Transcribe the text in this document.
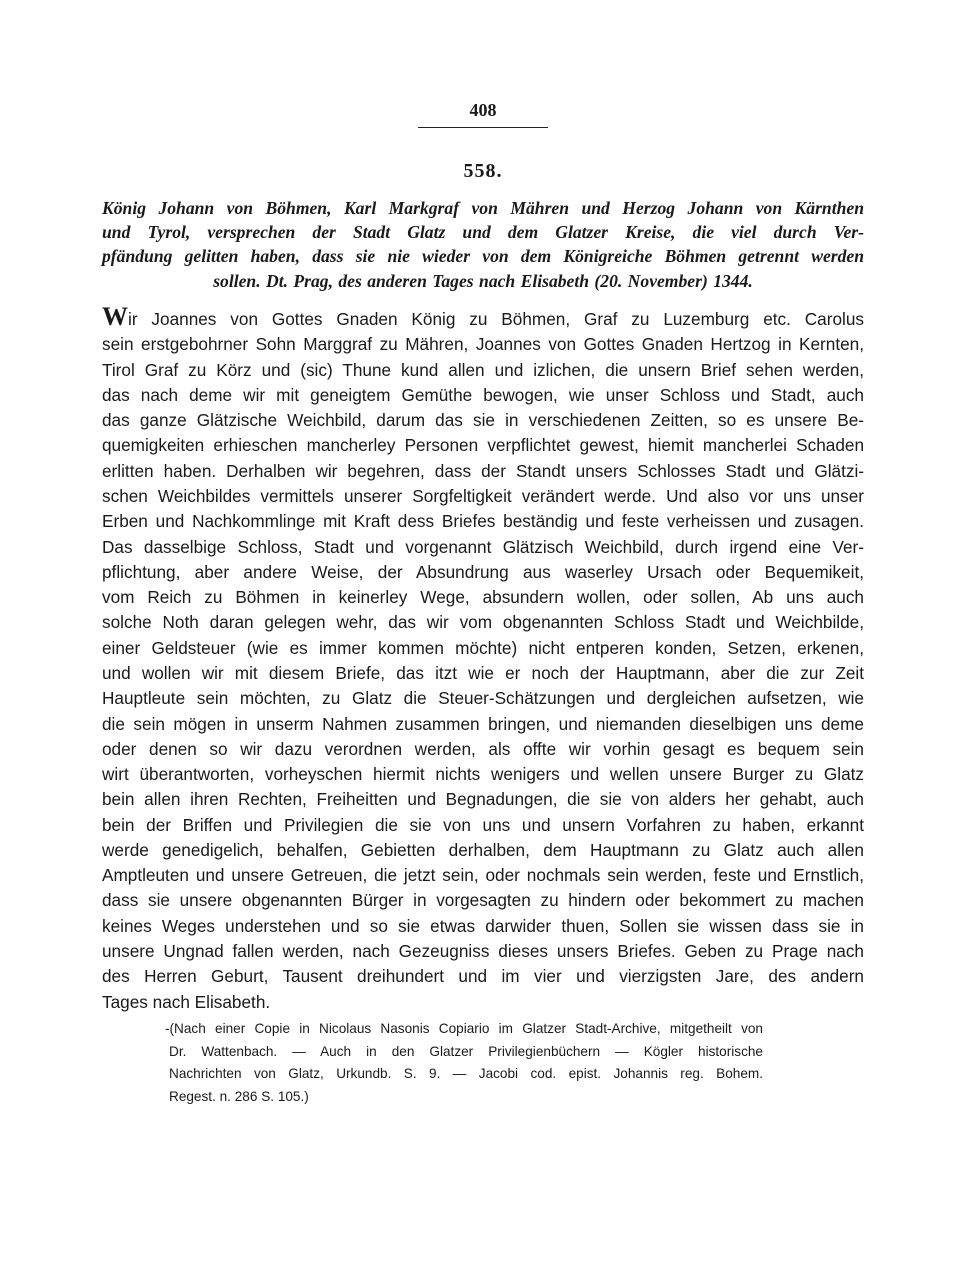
408
558.
König Johann von Böhmen, Karl Markgraf von Mähren und Herzog Johann von Kärnthen
und Tyrol, versprechen der Stadt Glatz und dem Glatzer Kreise, die viel durch Ver-
pfändung gelitten haben, dass sie nie wieder von dem Königreiche Böhmen getrennt werden
sollen. Dt. Prag, des anderen Tages nach Elisabeth (20. November) 1344.
Wir Joannes von Gottes Gnaden König zu Böhmen, Graf zu Luzemburg etc. Carolus
sein erstgebohrner Sohn Marggraf zu Mähren, Joannes von Gottes Gnaden Hertzog in Kernten,
Tirol Graf zu Körz und (sic) Thune kund allen und izlichen, die unsern Brief sehen werden,
das nach deme wir mit geneigtem Gemüthe bewogen, wie unser Schloss und Stadt, auch
das ganze Glätzische Weichbild, darum das sie in verschiedenen Zeitten, so es unsere Be-
quemigkeiten erhieschen mancherley Personen verpflichtet gewest, hiemit mancherlei Schaden
erlitten haben. Derhalben wir begehren, dass der Standt unsers Schlosses Stadt und Glätzi-
schen Weichbildes vermittels unserer Sorgfeltigkeit verändert werde. Und also vor uns unser
Erben und Nachkommlinge mit Kraft dess Briefes beständig und feste verheissen und zusagen.
Das dasselbige Schloss, Stadt und vorgenannt Glätzisch Weichbild, durch irgend eine Ver-
pflichtung, aber andere Weise, der Absundrung aus waserley Ursach oder Bequemikeit,
vom Reich zu Böhmen in keinerley Wege, absundern wollen, oder sollen, Ab uns auch
solche Noth daran gelegen wehr, das wir vom obgenannten Schloss Stadt und Weichbilde,
einer Geldsteuer (wie es immer kommen möchte) nicht entperen konden, Setzen, erkenen,
und wollen wir mit diesem Briefe, das itzt wie er noch der Hauptmann, aber die zur Zeit
Hauptleute sein möchten, zu Glatz die Steuer-Schätzungen und dergleichen aufsetzen, wie
die sein mögen in unserm Nahmen zusammen bringen, und niemanden dieselbigen uns deme
oder denen so wir dazu verordnen werden, als offte wir vorhin gesagt es bequem sein
wirt überantworten, vorheyschen hiermit nichts wenigers und wellen unsere Burger zu Glatz
bein allen ihren Rechten, Freiheitten und Begnadungen, die sie von alders her gehabt, auch
bein der Briffen und Privilegien die sie von uns und unsern Vorfahren zu haben, erkannt
werde genedigelich, behalfen, Gebietten derhalben, dem Hauptmann zu Glatz auch allen
Amptleuten und unsere Getreuen, die jetzt sein, oder nochmals sein werden, feste und Ernstlich,
dass sie unsere obgenannten Bürger in vorgesagten zu hindern oder bekommert zu machen
keines Weges understehen und so sie etwas darwider thuen, Sollen sie wissen dass sie in
unsere Ungnad fallen werden, nach Gezeugniss dieses unsers Briefes. Geben zu Prage nach
des Herren Geburt, Tausent dreihundert und im vier und vierzigsten Jare, des andern
Tages nach Elisabeth.
-(Nach einer Copie in Nicolaus Nasonis Copiario im Glatzer Stadt-Archive, mitgetheilt von
Dr. Wattenbach. — Auch in den Glatzer Privilegienbüchern — Kögler historische
Nachrichten von Glatz, Urkundb. S. 9. — Jacobi cod. epist. Johannis reg. Bohem.
Regest. n. 286 S. 105.)
